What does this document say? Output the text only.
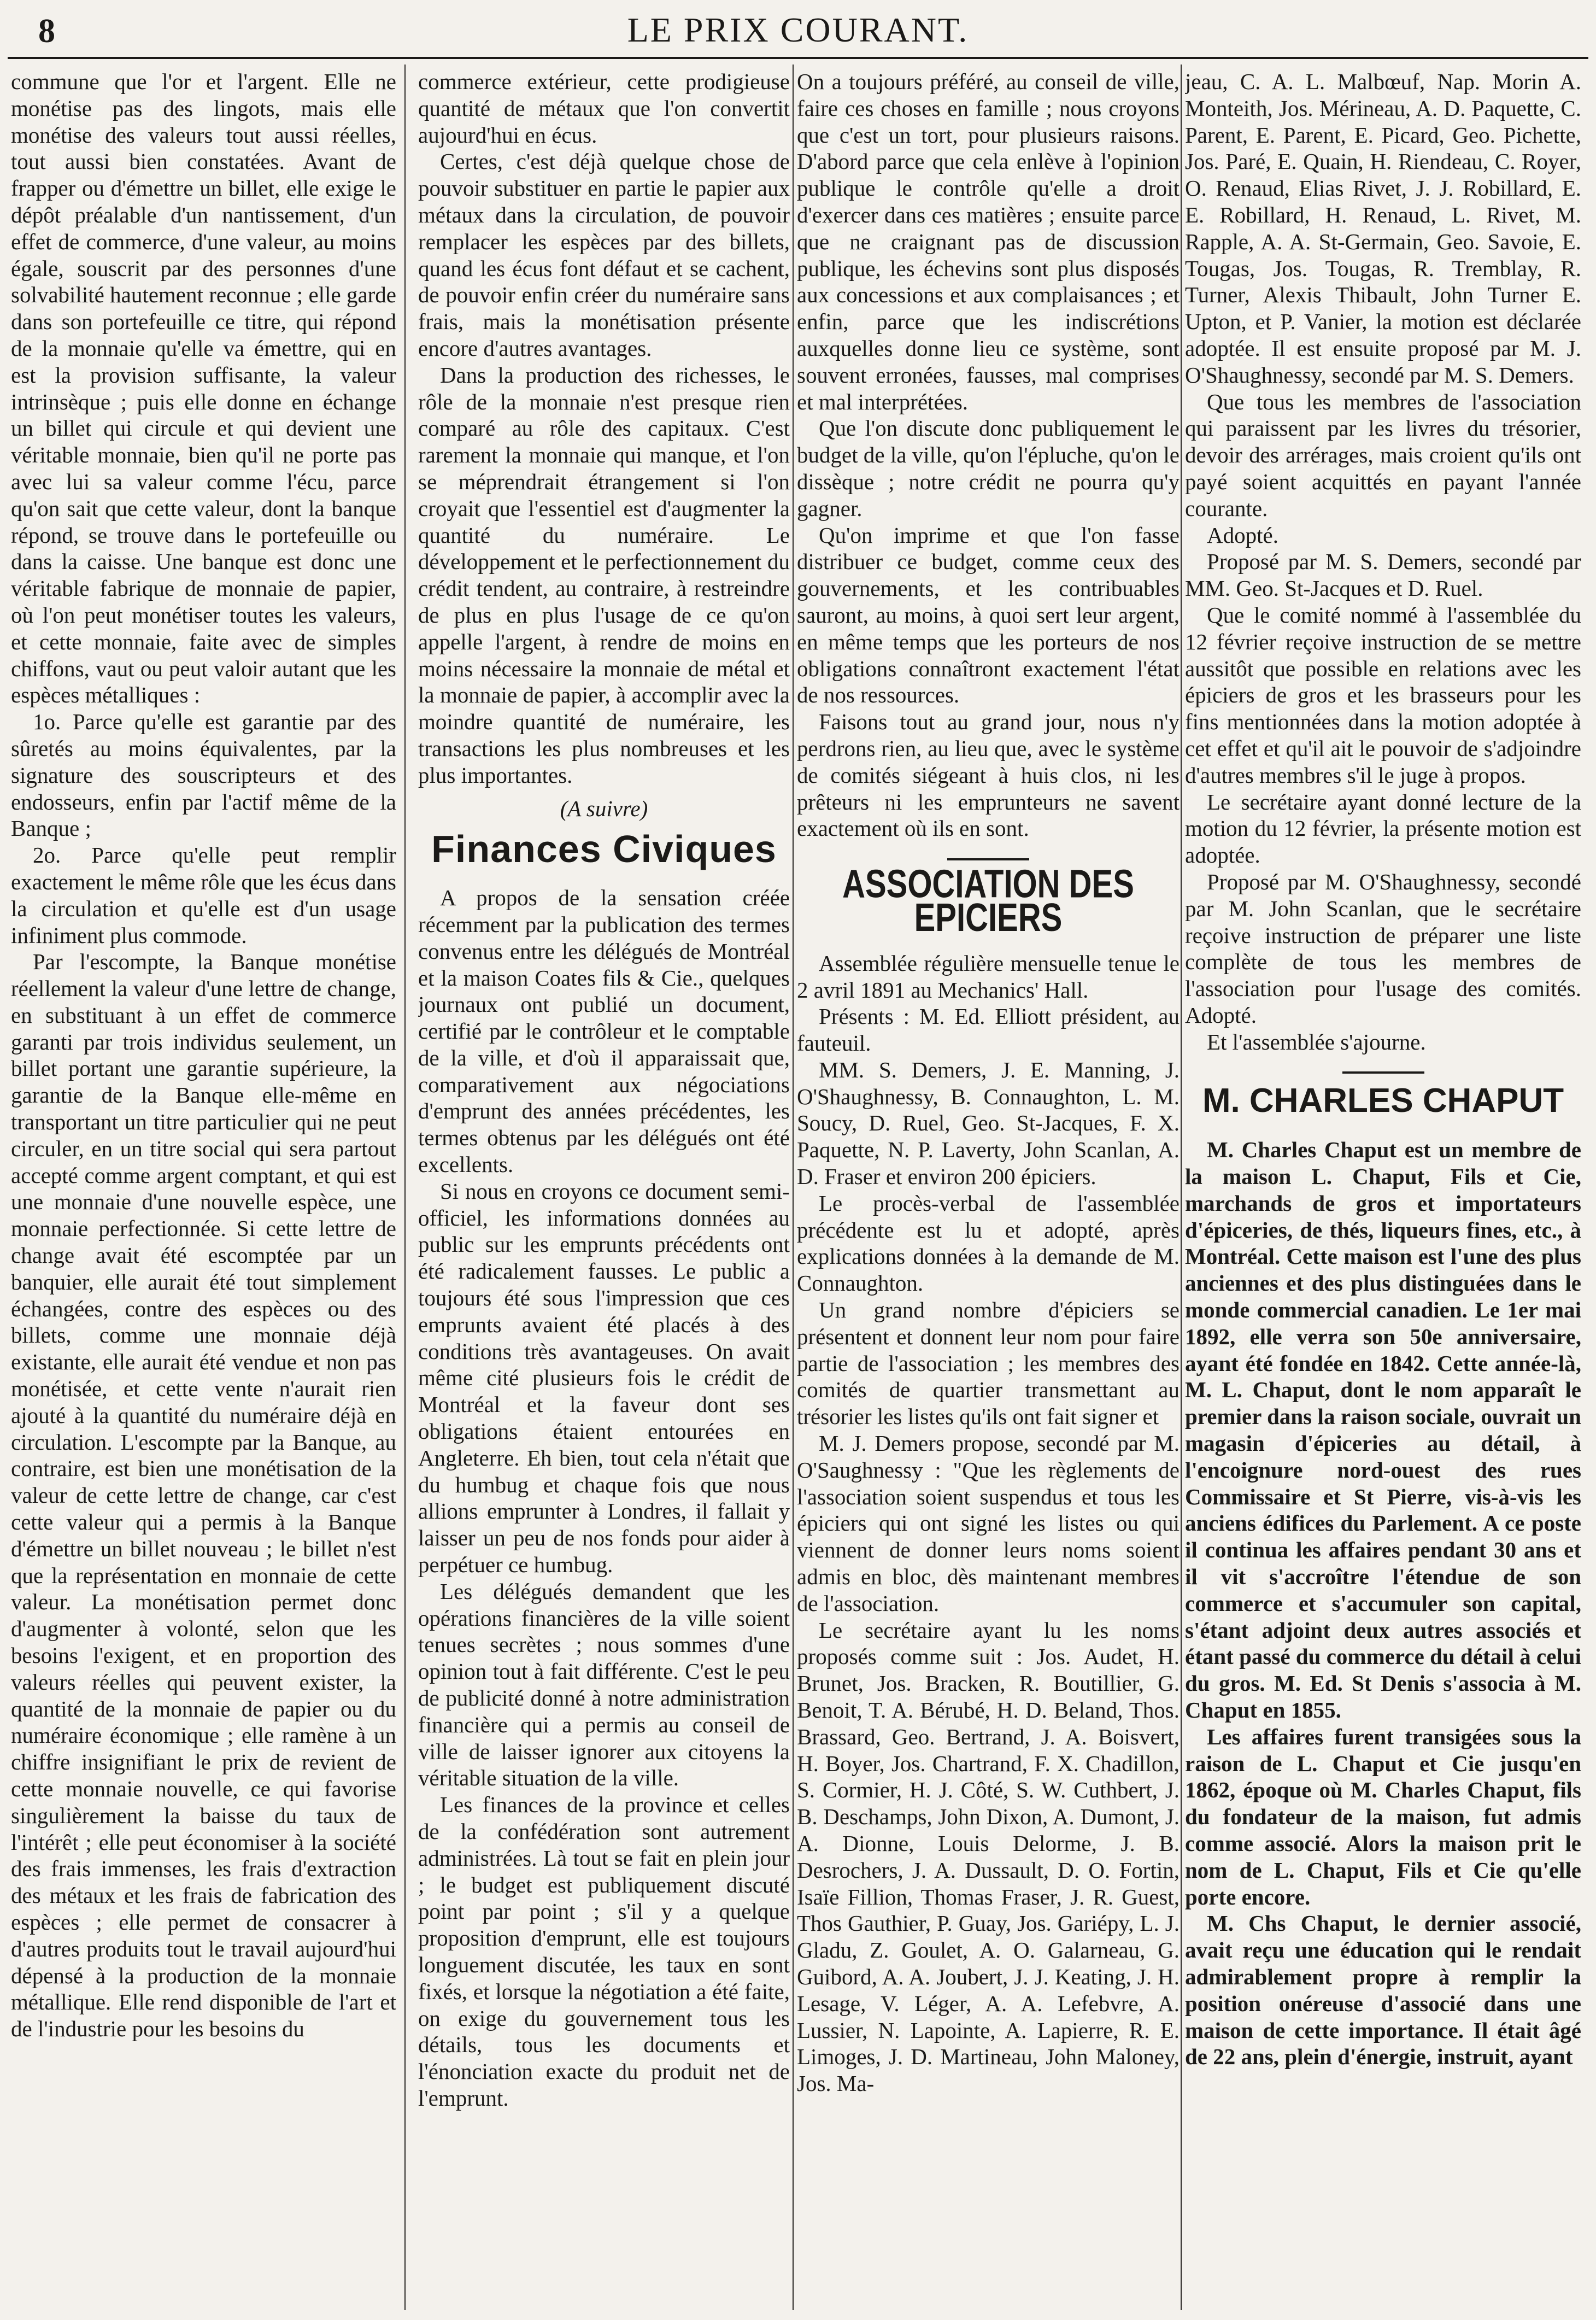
8	LE PRIX COURANT.

commune que l'or et l'argent. Elle ne monétise pas des lingots, mais elle monétise des valeurs tout aussi réelles, tout aussi bien constatées. Avant de frapper ou d'émettre un billet, elle exige le dépôt préalable d'un nantissement, d'un effet de commerce, d'une valeur, au moins égale, souscrit par des personnes d'une solvabilité hautement reconnue ; elle garde dans son portefeuille ce titre, qui répond de la monnaie qu'elle va émettre, qui en est la provision suffisante, la valeur intrinsèque ; puis elle donne en échange un billet qui circule et qui devient une véritable monnaie, bien qu'il ne porte pas avec lui sa valeur comme l'écu, parce qu'on sait que cette valeur, dont la banque répond, se trouve dans le portefeuille ou dans la caisse. Une banque est donc une véritable fabrique de monnaie de papier, où l'on peut monétiser toutes les valeurs, et cette monnaie, faite avec de simples chiffons, vaut ou peut valoir autant que les espèces métalliques :

1o. Parce qu'elle est garantie par des sûretés au moins équivalentes, par la signature des souscripteurs et des endosseurs, enfin par l'actif même de la Banque ;

2o. Parce qu'elle peut remplir exactement le même rôle que les écus dans la circulation et qu'elle est d'un usage infiniment plus commode.

Par l'escompte, la Banque monétise réellement la valeur d'une lettre de change, en substituant à un effet de commerce garanti par trois individus seulement, un billet portant une garantie supérieure, la garantie de la Banque elle-même en transportant un titre particulier qui ne peut circuler, en un titre social qui sera partout accepté comme argent comptant, et qui est une monnaie d'une nouvelle espèce, une monnaie perfectionnée. Si cette lettre de change avait été escomptée par un banquier, elle aurait été tout simplement échangées, contre des espèces ou des billets, comme une monnaie déjà existante, elle aurait été vendue et non pas monétisée, et cette vente n'aurait rien ajouté à la quantité du numéraire déjà en circulation. L'escompte par la Banque, au contraire, est bien une monétisation de la valeur de cette lettre de change, car c'est cette valeur qui a permis à la Banque d'émettre un billet nouveau ; le billet n'est que la représentation en monnaie de cette valeur. La monétisation permet donc d'augmenter à volonté, selon que les besoins l'exigent, et en proportion des valeurs réelles qui peuvent exister, la quantité de la monnaie de papier ou du numéraire économique ; elle ramène à un chiffre insignifiant le prix de revient de cette monnaie nouvelle, ce qui favorise singulièrement la baisse du taux de l'intérêt ; elle peut économiser à la société des frais immenses, les frais d'extraction des métaux et les frais de fabrication des espèces ; elle permet de consacrer à d'autres produits tout le travail aujourd'hui dépensé à la production de la monnaie métallique. Elle rend disponible de l'art et de l'industrie pour les besoins du

commerce extérieur, cette prodigieuse quantité de métaux que l'on convertit aujourd'hui en écus.

Certes, c'est déjà quelque chose de pouvoir substituer en partie le papier aux métaux dans la circulation, de pouvoir remplacer les espèces par des billets, quand les écus font défaut et se cachent, de pouvoir enfin créer du numéraire sans frais, mais la monétisation présente encore d'autres avantages.

Dans la production des richesses, le rôle de la monnaie n'est presque rien comparé au rôle des capitaux. C'est rarement la monnaie qui manque, et l'on se méprendrait étrangement si l'on croyait que l'essentiel est d'augmenter la quantité du numéraire. Le développement et le perfectionnement du crédit tendent, au contraire, à restreindre de plus en plus l'usage de ce qu'on appelle l'argent, à rendre de moins en moins nécessaire la monnaie de métal et la monnaie de papier, à accomplir avec la moindre quantité de numéraire, les transactions les plus nombreuses et les plus importantes.

(A suivre)

Finances Civiques

A propos de la sensation créée récemment par la publication des termes convenus entre les délégués de Montréal et la maison Coates fils & Cie., quelques journaux ont publié un document, certifié par le contrôleur et le comptable de la ville, et d'où il apparaissait que, comparativement aux négociations d'emprunt des années précédentes, les termes obtenus par les délégués ont été excellents.

Si nous en croyons ce document semi-officiel, les informations données au public sur les emprunts précédents ont été radicalement fausses. Le public a toujours été sous l'impression que ces emprunts avaient été placés à des conditions très avantageuses. On avait même cité plusieurs fois le crédit de Montréal et la faveur dont ses obligations étaient entourées en Angleterre. Eh bien, tout cela n'était que du humbug et chaque fois que nous allions emprunter à Londres, il fallait y laisser un peu de nos fonds pour aider à perpétuer ce humbug.

Les délégués demandent que les opérations financières de la ville soient tenues secrètes ; nous sommes d'une opinion tout à fait différente. C'est le peu de publicité donné à notre administration financière qui a permis au conseil de ville de laisser ignorer aux citoyens la véritable situation de la ville.

Les finances de la province et celles de la confédération sont autrement administrées. Là tout se fait en plein jour ; le budget est publiquement discuté point par point ; s'il y a quelque proposition d'emprunt, elle est toujours longuement discutée, les taux en sont fixés, et lorsque la négotiation a été faite, on exige du gouvernement tous les détails, tous les documents et l'énonciation exacte du produit net de l'emprunt.

On a toujours préféré, au conseil de ville, faire ces choses en famille ; nous croyons que c'est un tort, pour plusieurs raisons. D'abord parce que cela enlève à l'opinion publique le contrôle qu'elle a droit d'exercer dans ces matières ; ensuite parce que ne craignant pas de discussion publique, les échevins sont plus disposés aux concessions et aux complaisances ; et enfin, parce que les indiscrétions auxquelles donne lieu ce système, sont souvent erronées, fausses, mal comprises et mal interprétées.

Que l'on discute donc publiquement le budget de la ville, qu'on l'épluche, qu'on le dissèque ; notre crédit ne pourra qu'y gagner.

Qu'on imprime et que l'on fasse distribuer ce budget, comme ceux des gouvernements, et les contribuables sauront, au moins, à quoi sert leur argent, en même temps que les porteurs de nos obligations connaîtront exactement l'état de nos ressources.

Faisons tout au grand jour, nous n'y perdrons rien, au lieu que, avec le système de comités siégeant à huis clos, ni les prêteurs ni les emprunteurs ne savent exactement où ils en sont.

ASSOCIATION DES EPICIERS

Assemblée régulière mensuelle tenue le 2 avril 1891 au Mechanics' Hall.

Présents : M. Ed. Elliott président, au fauteuil.

MM. S. Demers, J. E. Manning, J. O'Shaughnessy, B. Connaughton, L. M. Soucy, D. Ruel, Geo. St-Jacques, F. X. Paquette, N. P. Laverty, John Scanlan, A. D. Fraser et environ 200 épiciers.

Le procès-verbal de l'assemblée précédente est lu et adopté, après explications données à la demande de M. Connaughton.

Un grand nombre d'épiciers se présentent et donnent leur nom pour faire partie de l'association ; les membres des comités de quartier transmettant au trésorier les listes qu'ils ont fait signer et

M. J. Demers propose, secondé par M. O'Saughnessy : "Que les règlements de l'association soient suspendus et tous les épiciers qui ont signé les listes ou qui viennent de donner leurs noms soient admis en bloc, dès maintenant membres de l'association.

Le secrétaire ayant lu les noms proposés comme suit : Jos. Audet, H. Brunet, Jos. Bracken, R. Boutillier, G. Benoit, T. A. Bérubé, H. D. Beland, Thos. Brassard, Geo. Bertrand, J. A. Boisvert, H. Boyer, Jos. Chartrand, F. X. Chadillon, S. Cormier, H. J. Côté, S. W. Cuthbert, J. B. Deschamps, John Dixon, A. Dumont, J. A. Dionne, Louis Delorme, J. B. Desrochers, J. A. Dussault, D. O. Fortin, Isaïe Fillion, Thomas Fraser, J. R. Guest, Thos Gauthier, P. Guay, Jos. Gariépy, L. J. Gladu, Z. Goulet, A. O. Galarneau, G. Guibord, A. A. Joubert, J. J. Keating, J. H. Lesage, V. Léger, A. A. Lefebvre, A. Lussier, N. Lapointe, A. Lapierre, R. E. Limoges, J. D. Martineau, John Maloney, Jos. Ma-

jeau, C. A. L. Malbœuf, Nap. Morin A. Monteith, Jos. Mérineau, A. D. Paquette, C. Parent, E. Parent, E. Picard, Geo. Pichette, Jos. Paré, E. Quain, H. Riendeau, C. Royer, O. Renaud, Elias Rivet, J. J. Robillard, E. E. Robillard, H. Renaud, L. Rivet, M. Rapple, A. A. St-Germain, Geo. Savoie, E. Tougas, Jos. Tougas, R. Tremblay, R. Turner, Alexis Thibault, John Turner E. Upton, et P. Vanier, la motion est déclarée adoptée. Il est ensuite proposé par M. J. O'Shaughnessy, secondé par M. S. Demers.

Que tous les membres de l'association qui paraissent par les livres du trésorier, devoir des arrérages, mais croient qu'ils ont payé soient acquittés en payant l'année courante.

Adopté.

Proposé par M. S. Demers, secondé par MM. Geo. St-Jacques et D. Ruel.

Que le comité nommé à l'assemblée du 12 février reçoive instruction de se mettre aussitôt que possible en relations avec les épiciers de gros et les brasseurs pour les fins mentionnées dans la motion adoptée à cet effet et qu'il ait le pouvoir de s'adjoindre d'autres membres s'il le juge à propos.

Le secrétaire ayant donné lecture de la motion du 12 février, la présente motion est adoptée.

Proposé par M. O'Shaughnessy, secondé par M. John Scanlan, que le secrétaire reçoive instruction de préparer une liste complète de tous les membres de l'association pour l'usage des comités. Adopté.

Et l'assemblée s'ajourne.

M. CHARLES CHAPUT

M. Charles Chaput est un membre de la maison L. Chaput, Fils et Cie, marchands de gros et importateurs d'épiceries, de thés, liqueurs fines, etc., à Montréal. Cette maison est l'une des plus anciennes et des plus distinguées dans le monde commercial canadien. Le 1er mai 1892, elle verra son 50e anniversaire, ayant été fondée en 1842. Cette année-là, M. L. Chaput, dont le nom apparaît le premier dans la raison sociale, ouvrait un magasin d'épiceries au détail, à l'encoignure nord-ouest des rues Commissaire et St Pierre, vis-à-vis les anciens édifices du Parlement. A ce poste il continua les affaires pendant 30 ans et il vit s'accroître l'étendue de son commerce et s'accumuler son capital, s'étant adjoint deux autres associés et étant passé du commerce du détail à celui du gros. M. Ed. St Denis s'associa à M. Chaput en 1855.

Les affaires furent transigées sous la raison de L. Chaput et Cie jusqu'en 1862, époque où M. Charles Chaput, fils du fondateur de la maison, fut admis comme associé. Alors la maison prit le nom de L. Chaput, Fils et Cie qu'elle porte encore.

M. Chs Chaput, le dernier associé, avait reçu une éducation qui le rendait admirablement propre à remplir la position onéreuse d'associé dans une maison de cette importance. Il était âgé de 22 ans, plein d'énergie, instruit, ayant
